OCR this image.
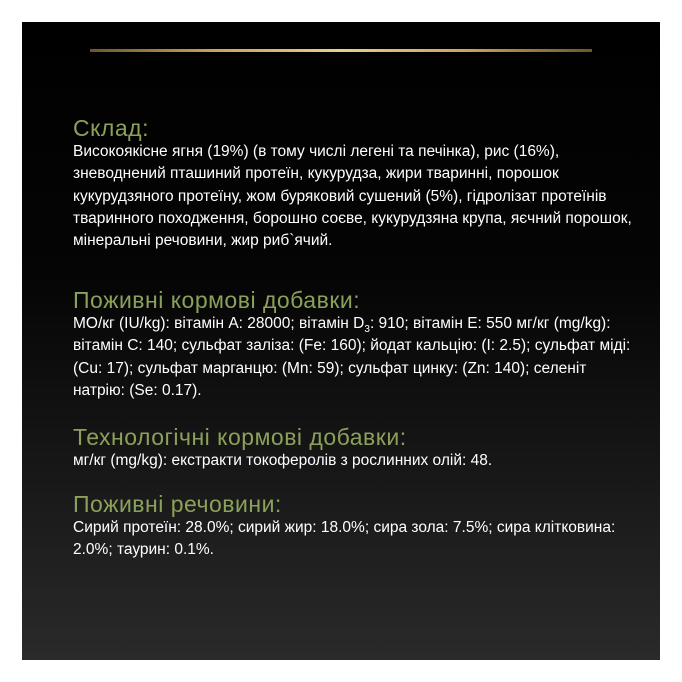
Склад:

Високоякісне ягня (19%) (в тому числі легені та печінка), рис (16%), зневоднений пташиний протеїн, кукурудза, жири тваринні, порошок кукурудзяного протеїну, жом буряковий сушений (5%), гідролізат протеїнів тваринного походження, борошно соєве, кукурудзяна крупа, яєчний порошок, мінеральні речовини, жир риб`ячий.

Поживні кормові добавки:

МО/кг (IU/kg): вітамін А: 28000; вітамін $D_3$: 910; вітамін Е: 550 мг/кг (mg/kg): вітамін С: 140; сульфат заліза: (Fe: 160); йодат кальцію: (I: 2.5); сульфат міді: (Cu: 17); сульфат марганцю: (Mn: 59); сульфат цинку: (Zn: 140); селеніт натрію: (Se: 0.17).

Технологічні кормові добавки:

мг/кг (mg/kg): екстракти токоферолів з рослинних олій: 48.

Поживні речовини:

Сирий протеїн: 28.0%; сирий жир: 18.0%; сира зола: 7.5%; сира клітковина: 2.0%; таурин: 0.1%.
